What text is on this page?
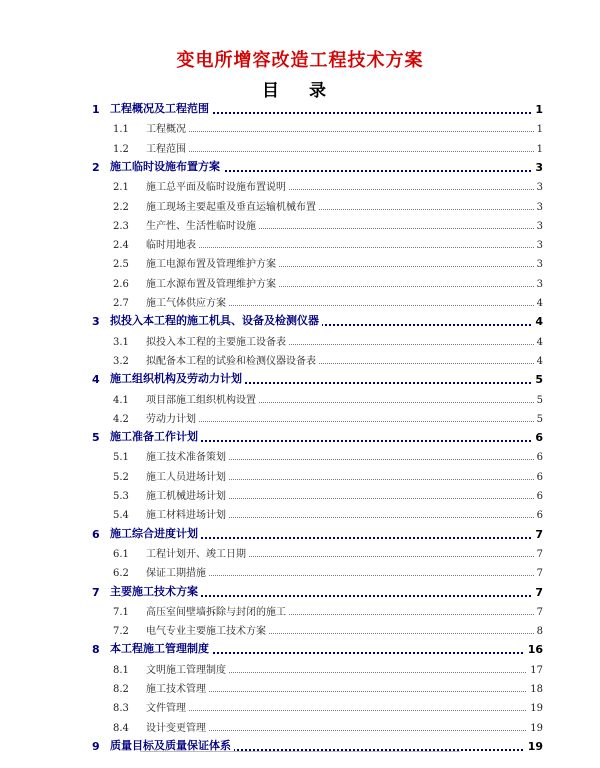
变电所增容改造工程技术方案
目 录
1 工程概况及工程范围	1
1.1 工程概况	1
1.2 工程范围	1
2 施工临时设施布置方案	3
2.1 施工总平面及临时设施布置说明	3
2.2 施工现场主要起重及垂直运输机械布置	3
2.3 生产性、生活性临时设施	3
2.4 临时用地表	3
2.5 施工电源布置及管理维护方案	3
2.6 施工水源布置及管理维护方案	3
2.7 施工气体供应方案	4
3 拟投入本工程的施工机具、设备及检测仪器	4
3.1 拟投入本工程的主要施工设备表	4
3.2 拟配备本工程的试验和检测仪器设备表	4
4 施工组织机构及劳动力计划	5
4.1 项目部施工组织机构设置	5
4.2 劳动力计划	5
5 施工准备工作计划	6
5.1 施工技术准备策划	6
5.2 施工人员进场计划	6
5.3 施工机械进场计划	6
5.4 施工材料进场计划	6
6 施工综合进度计划	7
6.1 工程计划开、竣工日期	7
6.2 保证工期措施	7
7 主要施工技术方案	7
7.1 高压室间壁墙拆除与封闭的施工	7
7.2 电气专业主要施工技术方案	8
8 本工程施工管理制度	16
8.1 文明施工管理制度	17
8.2 施工技术管理	18
8.3 文件管理	19
8.4 设计变更管理	19
9 质量目标及质量保证体系	19
